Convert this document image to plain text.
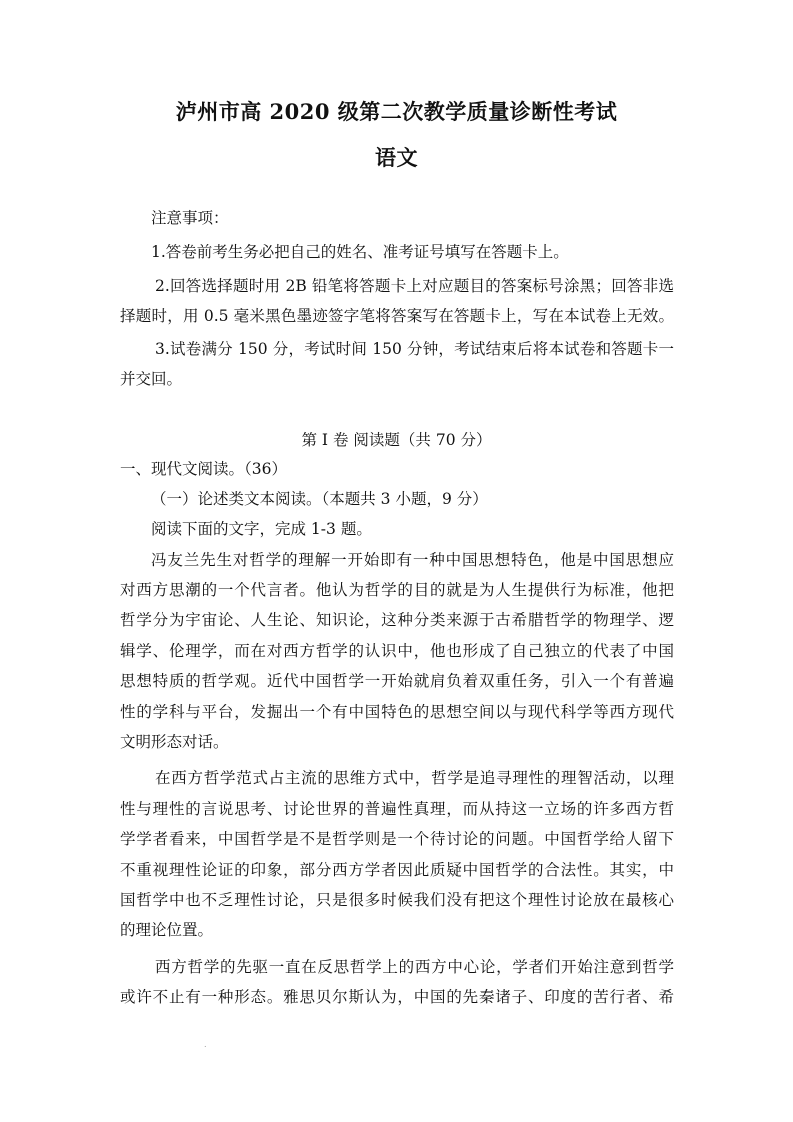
泸州市高 2020 级第二次教学质量诊断性考试
语文
注意事项：
1.答卷前考生务必把自己的姓名、准考证号填写在答题卡上。
2.回答选择题时用 2B 铅笔将答题卡上对应题目的答案标号涂黑；回答非选
择题时，用 0.5 毫米黑色墨迹签字笔将答案写在答题卡上，写在本试卷上无效。
3.试卷满分 150 分，考试时间 150 分钟，考试结束后将本试卷和答题卡一
并交回。
第 I 卷 阅读题（共 70 分）
一、现代文阅读。（36）
（一）论述类文本阅读。（本题共 3 小题，9 分）
阅读下面的文字，完成 1-3 题。
冯友兰先生对哲学的理解一开始即有一种中国思想特色，他是中国思想应
对西方思潮的一个代言者。他认为哲学的目的就是为人生提供行为标准，他把
哲学分为宇宙论、人生论、知识论，这种分类来源于古希腊哲学的物理学、逻
辑学、伦理学，而在对西方哲学的认识中，他也形成了自己独立的代表了中国
思想特质的哲学观。近代中国哲学一开始就肩负着双重任务，引入一个有普遍
性的学科与平台，发掘出一个有中国特色的思想空间以与现代科学等西方现代
文明形态对话。
在西方哲学范式占主流的思维方式中，哲学是追寻理性的理智活动，以理
性与理性的言说思考、讨论世界的普遍性真理，而从持这一立场的许多西方哲
学学者看来，中国哲学是不是哲学则是一个待讨论的问题。中国哲学给人留下
不重视理性论证的印象，部分西方学者因此质疑中国哲学的合法性。其实，中
国哲学中也不乏理性讨论，只是很多时候我们没有把这个理性讨论放在最核心
的理论位置。
西方哲学的先驱一直在反思哲学上的西方中心论，学者们开始注意到哲学
或许不止有一种形态。雅思贝尔斯认为，中国的先秦诸子、印度的苦行者、希
.
